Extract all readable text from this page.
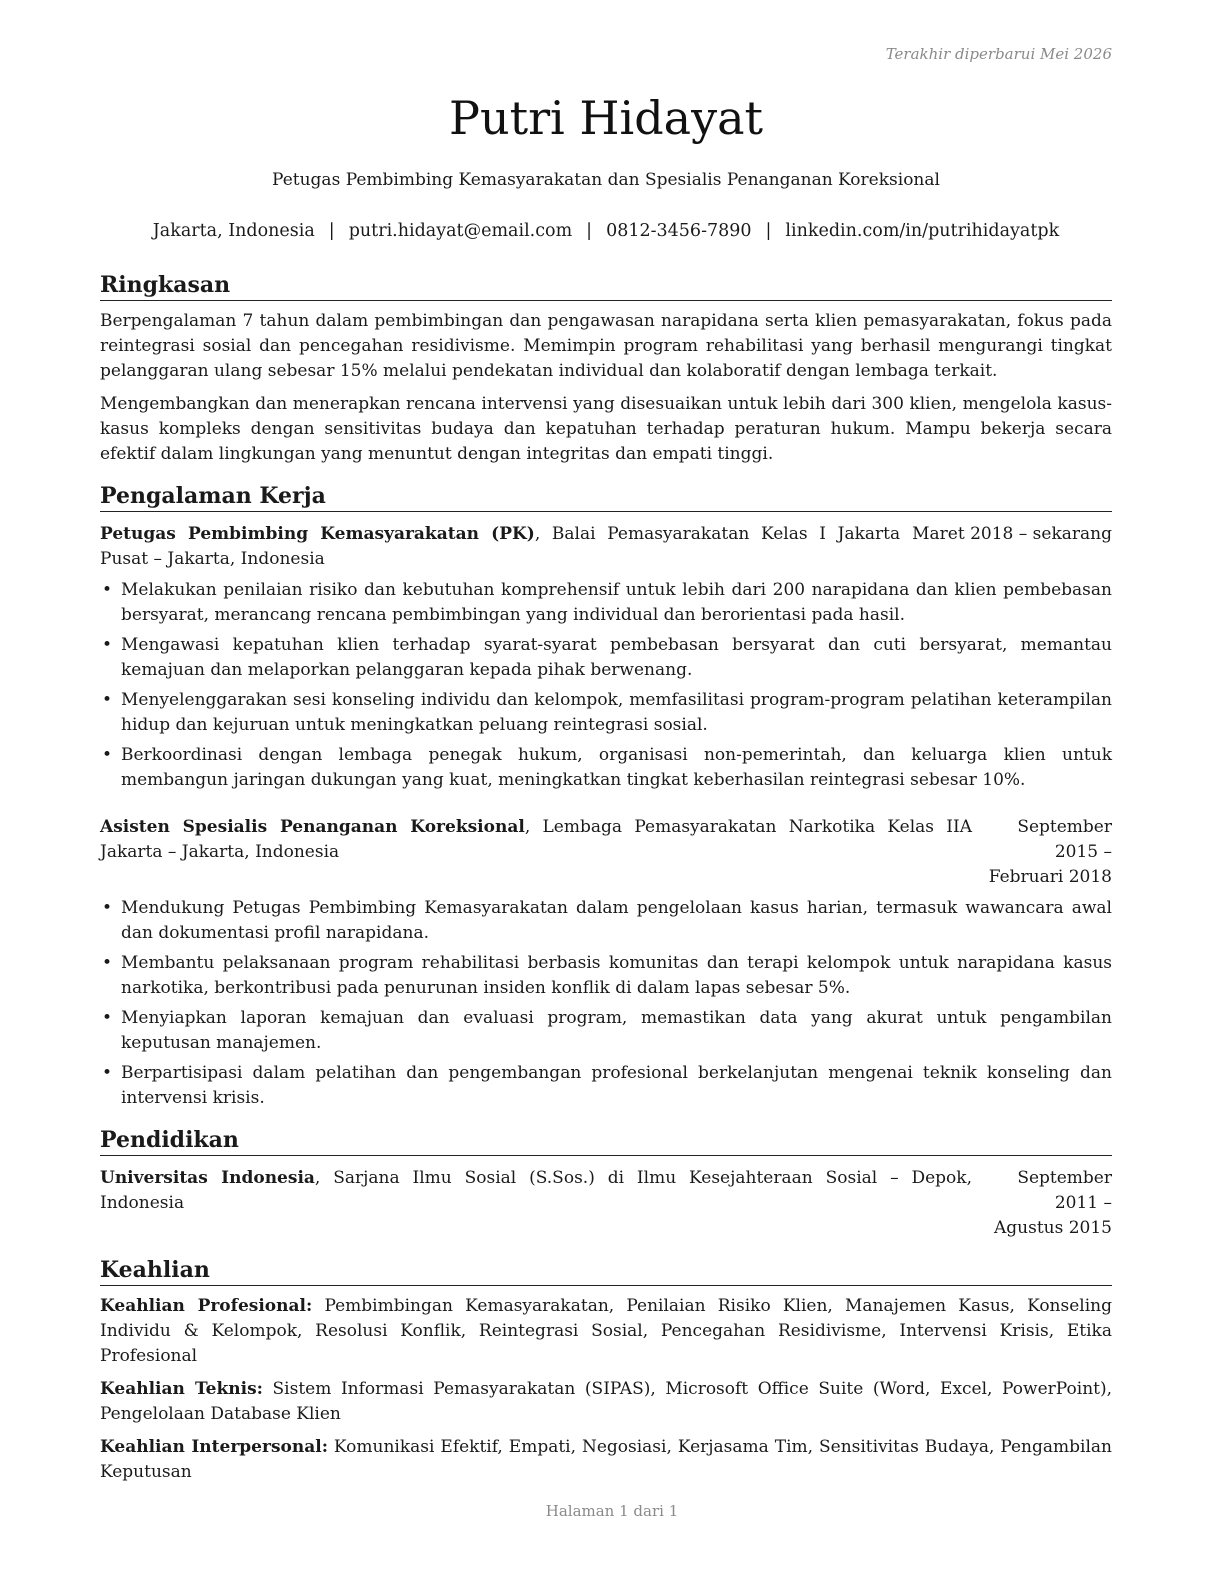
Terakhir diperbarui Mei 2026
Putri Hidayat
Petugas Pembimbing Kemasyarakatan dan Spesialis Penanganan Koreksional
Jakarta, Indonesia | putri.hidayat@email.com | 0812-3456-7890 | linkedin.com/in/putrihidayatpk
Ringkasan

Berpengalaman 7 tahun dalam pembimbingan dan pengawasan narapidana serta klien pemasyarakatan, fokus pada reintegrasi sosial dan pencegahan residivisme. Memimpin program rehabilitasi yang berhasil mengurangi tingkat pelanggaran ulang sebesar 15% melalui pendekatan individual dan kolaboratif dengan lembaga terkait.

Mengembangkan dan menerapkan rencana intervensi yang disesuaikan untuk lebih dari 300 klien, mengelola kasus-kasus kompleks dengan sensitivitas budaya dan kepatuhan terhadap peraturan hukum. Mampu bekerja secara efektif dalam lingkungan yang menuntut dengan integritas dan empati tinggi.

Pengalaman Kerja
Petugas Pembimbing Kemasyarakatan (PK), Balai Pemasyarakatan Kelas I Jakarta Pusat – Jakarta, Indonesia
Maret 2018 – sekarang
• Melakukan penilaian risiko dan kebutuhan komprehensif untuk lebih dari 200 narapidana dan klien pembebasan bersyarat, merancang rencana pembimbingan yang individual dan berorientasi pada hasil.
• Mengawasi kepatuhan klien terhadap syarat-syarat pembebasan bersyarat dan cuti bersyarat, memantau kemajuan dan melaporkan pelanggaran kepada pihak berwenang.
• Menyelenggarakan sesi konseling individu dan kelompok, memfasilitasi program-program pelatihan keterampilan hidup dan kejuruan untuk meningkatkan peluang reintegrasi sosial.
• Berkoordinasi dengan lembaga penegak hukum, organisasi non-pemerintah, dan keluarga klien untuk membangun jaringan dukungan yang kuat, meningkatkan tingkat keberhasilan reintegrasi sebesar 10%.
Asisten Spesialis Penanganan Koreksional, Lembaga Pemasyarakatan Narkotika Kelas IIA Jakarta – Jakarta, Indonesia
September 2015 – Februari 2018
• Mendukung Petugas Pembimbing Kemasyarakatan dalam pengelolaan kasus harian, termasuk wawancara awal dan dokumentasi profil narapidana.
• Membantu pelaksanaan program rehabilitasi berbasis komunitas dan terapi kelompok untuk narapidana kasus narkotika, berkontribusi pada penurunan insiden konflik di dalam lapas sebesar 5%.
• Menyiapkan laporan kemajuan dan evaluasi program, memastikan data yang akurat untuk pengambilan keputusan manajemen.
• Berpartisipasi dalam pelatihan dan pengembangan profesional berkelanjutan mengenai teknik konseling dan intervensi krisis.
Pendidikan
Universitas Indonesia, Sarjana Ilmu Sosial (S.Sos.) di Ilmu Kesejahteraan Sosial – Depok, Indonesia
September 2011 – Agustus 2015
Keahlian

Keahlian Profesional: Pembimbingan Kemasyarakatan, Penilaian Risiko Klien, Manajemen Kasus, Konseling Individu & Kelompok, Resolusi Konflik, Reintegrasi Sosial, Pencegahan Residivisme, Intervensi Krisis, Etika Profesional

Keahlian Teknis: Sistem Informasi Pemasyarakatan (SIPAS), Microsoft Office Suite (Word, Excel, PowerPoint), Pengelolaan Database Klien

Keahlian Interpersonal: Komunikasi Efektif, Empati, Negosiasi, Kerjasama Tim, Sensitivitas Budaya, Pengambilan Keputusan

Halaman 1 dari 1
